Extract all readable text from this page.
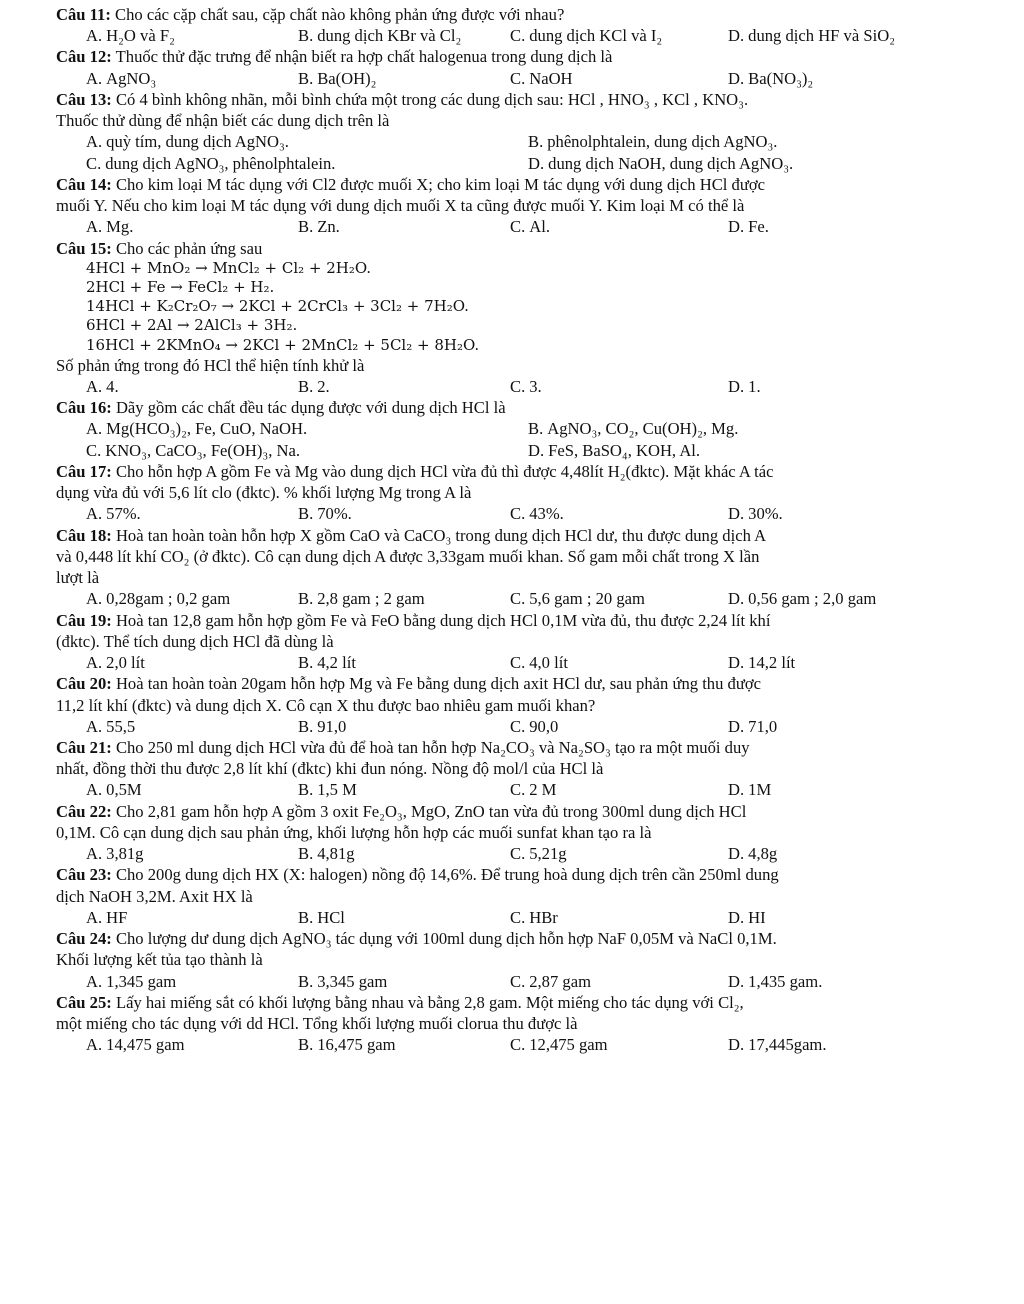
Câu 11: Cho các cặp chất sau, cặp chất nào không phản ứng được với nhau?

A. H₂O và F₂	B. dung dịch KBr và Cl₂	C. dung dịch KCl và I₂	D. dung dịch HF và SiO₂

Câu 12: Thuốc thử đặc trưng để nhận biết ra hợp chất halogenua trong dung dịch là

A. AgNO₃	B. Ba(OH)₂	C. NaOH	D. Ba(NO₃)₂

Câu 13: Có 4 bình không nhãn, mỗi bình chứa một trong các dung dịch sau: HCl , HNO₃ , KCl , KNO₃.

Thuốc thử dùng để nhận biết các dung dịch trên là

A. quỳ tím, dung dịch AgNO₃.	B. phênolphtalein, dung dịch AgNO₃.
C. dung dịch AgNO₃, phênolphtalein.	D. dung dịch NaOH, dung dịch AgNO₃.

Câu 14: Cho kim loại M tác dụng với Cl2 được muối X; cho kim loại M tác dụng với dung dịch HCl được

muối Y. Nếu cho kim loại M tác dụng với dung dịch muối X ta cũng được muối Y. Kim loại M có thể là

A. Mg.	B. Zn.	C. Al.	D. Fe.

Câu 15: Cho các phản ứng sau

4HCl + MnO₂ → MnCl₂ + Cl₂ + 2H₂O.

2HCl + Fe → FeCl₂ + H₂.

14HCl + K₂Cr₂O₇ → 2KCl + 2CrCl₃ + 3Cl₂ + 7H₂O.

6HCl + 2Al → 2AlCl₃ + 3H₂.

16HCl + 2KMnO₄ → 2KCl + 2MnCl₂ + 5Cl₂ + 8H₂O.

Số phản ứng trong đó HCl thể hiện tính khử là

A. 4.	B. 2.	C. 3.	D. 1.

Câu 16: Dãy gồm các chất đều tác dụng được với dung dịch HCl là

A. Mg(HCO₃)₂, Fe, CuO, NaOH.	B. AgNO₃, CO₂, Cu(OH)₂, Mg.
C. KNO₃, CaCO₃, Fe(OH)₃, Na.	D. FeS, BaSO₄, KOH, Al.

Câu 17: Cho hỗn hợp A gồm Fe và Mg vào dung dịch HCl vừa đủ thì được 4,48lít H₂(đktc). Mặt khác A tác

dụng vừa đủ với 5,6 lít clo (đktc). % khối lượng Mg trong A là

A. 57%.	B. 70%.	C. 43%.	D. 30%.

Câu 18: Hoà tan hoàn toàn hỗn hợp X gồm CaO và CaCO₃ trong dung dịch HCl dư, thu được dung dịch A

và 0,448 lít khí CO₂ (ở đktc). Cô cạn dung dịch A được 3,33gam muối khan. Số gam mỗi chất trong X lần

lượt là

A. 0,28gam ; 0,2 gam	B. 2,8 gam ; 2 gam	C. 5,6 gam ; 20 gam	D. 0,56 gam ; 2,0 gam

Câu 19: Hoà tan 12,8 gam hỗn hợp gồm Fe và FeO bằng dung dịch HCl 0,1M vừa đủ, thu được 2,24 lít khí

(đktc). Thể tích dung dịch HCl đã dùng là

A. 2,0 lít	B. 4,2 lít	C. 4,0 lít	D. 14,2 lít

Câu 20: Hoà tan hoàn toàn 20gam hỗn hợp Mg và Fe bằng dung dịch axit HCl dư, sau phản ứng thu được

11,2 lít khí (đktc) và dung dịch X. Cô cạn X thu được bao nhiêu gam muối khan?

A. 55,5	B. 91,0	C. 90,0	D. 71,0

Câu 21: Cho 250 ml dung dịch HCl vừa đủ để hoà tan hỗn hợp Na₂CO₃ và Na₂SO₃ tạo ra một muối duy

nhất, đồng thời thu được 2,8 lít khí (đktc) khi đun nóng. Nồng độ mol/l của HCl là

A. 0,5M	B. 1,5 M	C. 2 M	D. 1M

Câu 22: Cho 2,81 gam hỗn hợp A gồm 3 oxit Fe₂O₃, MgO, ZnO tan vừa đủ trong 300ml dung dịch HCl

0,1M. Cô cạn dung dịch sau phản ứng, khối lượng hỗn hợp các muối sunfat khan tạo ra là

A. 3,81g	B. 4,81g	C. 5,21g	D. 4,8g

Câu 23: Cho 200g dung dịch HX (X: halogen) nồng độ 14,6%. Để trung hoà dung dịch trên cần 250ml dung

dịch NaOH 3,2M. Axit HX là

A. HF	B. HCl	C. HBr	D. HI

Câu 24: Cho lượng dư dung dịch AgNO₃ tác dụng với 100ml dung dịch hỗn hợp NaF 0,05M và NaCl 0,1M.

Khối lượng kết tủa tạo thành là

A. 1,345 gam	B. 3,345 gam	C. 2,87 gam	D. 1,435 gam.

Câu 25: Lấy hai miếng sắt có khối lượng bằng nhau và bằng 2,8 gam. Một miếng cho tác dụng với Cl₂,

một miếng cho tác dụng với dd HCl. Tổng khối lượng muối clorua thu được là

A. 14,475 gam	B. 16,475 gam	C. 12,475 gam	D. 17,445gam.
